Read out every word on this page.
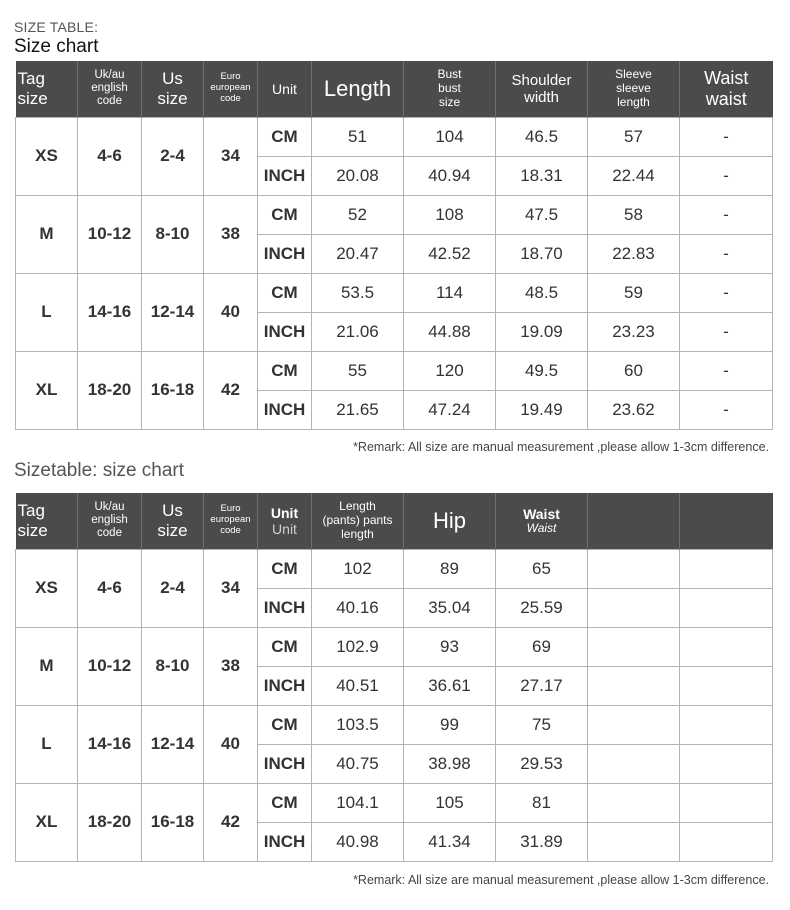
SIZE TABLE:
Size chart
Tag
size	Uk/au
english
code	Us
size	Euro
european
code	Unit	Length	Bust
bust
size	Shoulder
width	Sleeve
sleeve
length	Waist
waist
XS	4-6	2-4	34	CM	51	104	46.5	57	-
				INCH	20.08	40.94	18.31	22.44	-
M	10-12	8-10	38	CM	52	108	47.5	58	-
				INCH	20.47	42.52	18.70	22.83	-
L	14-16	12-14	40	CM	53.5	114	48.5	59	-
				INCH	21.06	44.88	19.09	23.23	-
XL	18-20	16-18	42	CM	55	120	49.5	60	-
				INCH	21.65	47.24	19.49	23.62	-
*Remark: All size are manual measurement ,please allow 1-3cm difference.
Sizetable: size chart
Tag
size	Uk/au
english
code	Us
size	Euro
european
code	Unit
Unit	Length
(pants) pants
length	Hip	Waist
Waist		

XS	4-6	2-4	34	CM	102	89	65		
				INCH	40.16	35.04	25.59		
M	10-12	8-10	38	CM	102.9	93	69		
				INCH	40.51	36.61	27.17		
L	14-16	12-14	40	CM	103.5	99	75		
				INCH	40.75	38.98	29.53		
XL	18-20	16-18	42	CM	104.1	105	81		
				INCH	40.98	41.34	31.89		
*Remark: All size are manual measurement ,please allow 1-3cm difference.
